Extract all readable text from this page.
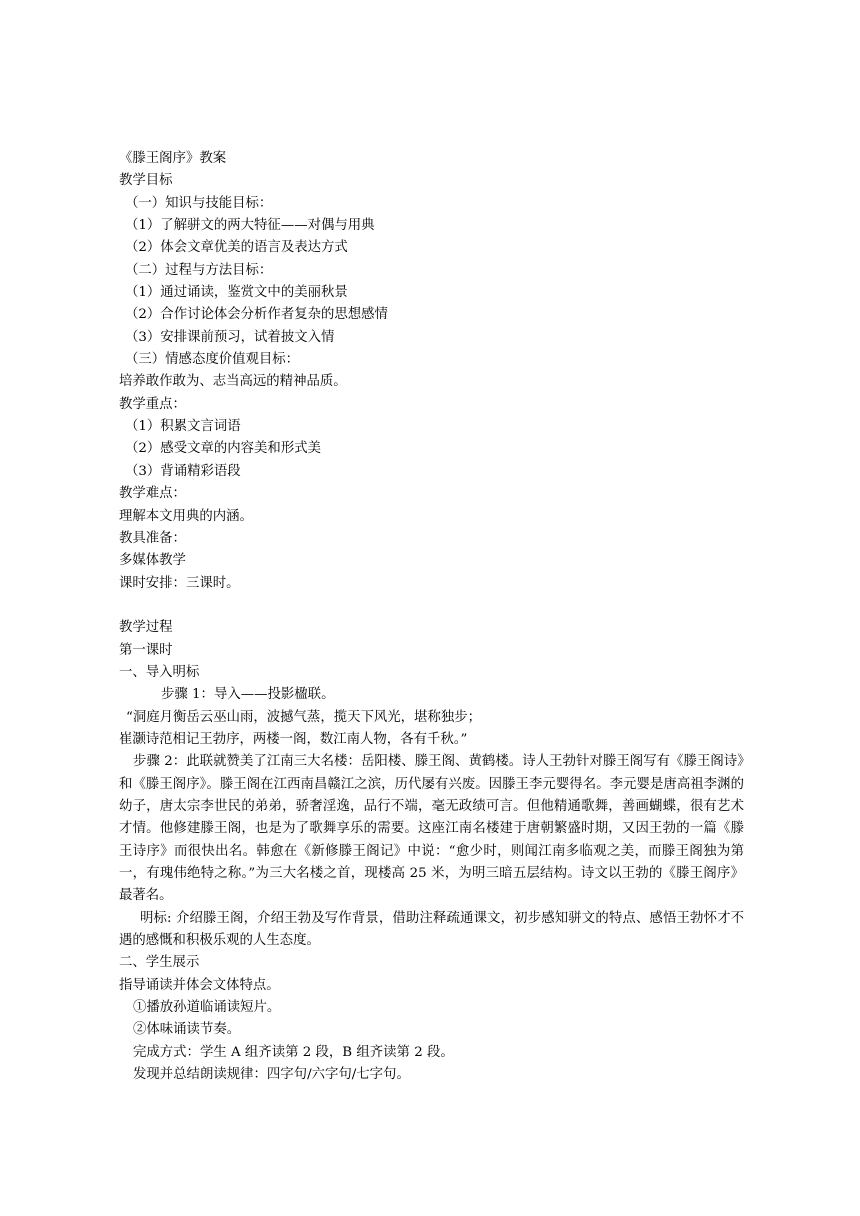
《滕王阁序》教案
教学目标
（一）知识与技能目标：
（1）了解骈文的两大特征——对偶与用典
（2）体会文章优美的语言及表达方式
（二）过程与方法目标：
（1）通过诵读，鉴赏文中的美丽秋景
（2）合作讨论体会分析作者复杂的思想感情
（3）安排课前预习，试着披文入情
（三）情感态度价值观目标：
培养敢作敢为、志当高远的精神品质。
教学重点：
（1）积累文言词语
（2）感受文章的内容美和形式美
（3）背诵精彩语段
教学难点：
理解本文用典的内涵。
教具准备：
多媒体教学
课时安排：三课时。
教学过程
第一课时
一、导入明标
步骤 1：导入——投影楹联。
“洞庭月衡岳云巫山雨，波撼气蒸，揽天下风光，堪称独步；
崔灏诗范相记王勃序，两楼一阁，数江南人物，各有千秋。”
步骤 2：此联就赞美了江南三大名楼：岳阳楼、滕王阁、黄鹤楼。诗人王勃针对滕王阁写有《滕王阁诗》和《滕王阁序》。滕王阁在江西南昌赣江之滨，历代屡有兴废。因滕王李元婴得名。李元婴是唐高祖李渊的幼子，唐太宗李世民的弟弟，骄奢淫逸，品行不端，毫无政绩可言。但他精通歌舞，善画蝴蝶，很有艺术才情。他修建滕王阁，也是为了歌舞享乐的需要。这座江南名楼建于唐朝繁盛时期，又因王勃的一篇《滕王诗序》而很快出名。韩愈在《新修滕王阁记》中说：“愈少时，则闻江南多临观之美，而滕王阁独为第一，有瑰伟绝特之称。”为三大名楼之首，现楼高 25 米，为明三暗五层结构。诗文以王勃的《滕王阁序》最著名。
明标: 介绍滕王阁，介绍王勃及写作背景，借助注释疏通课文，初步感知骈文的特点、感悟王勃怀才不遇的感慨和积极乐观的人生态度。
二、学生展示
指导诵读并体会文体特点。
①播放孙道临诵读短片。
②体味诵读节奏。
完成方式：学生 A 组齐读第 2 段，B 组齐读第 2 段。
发现并总结朗读规律：四字句/六字句/七字句。
